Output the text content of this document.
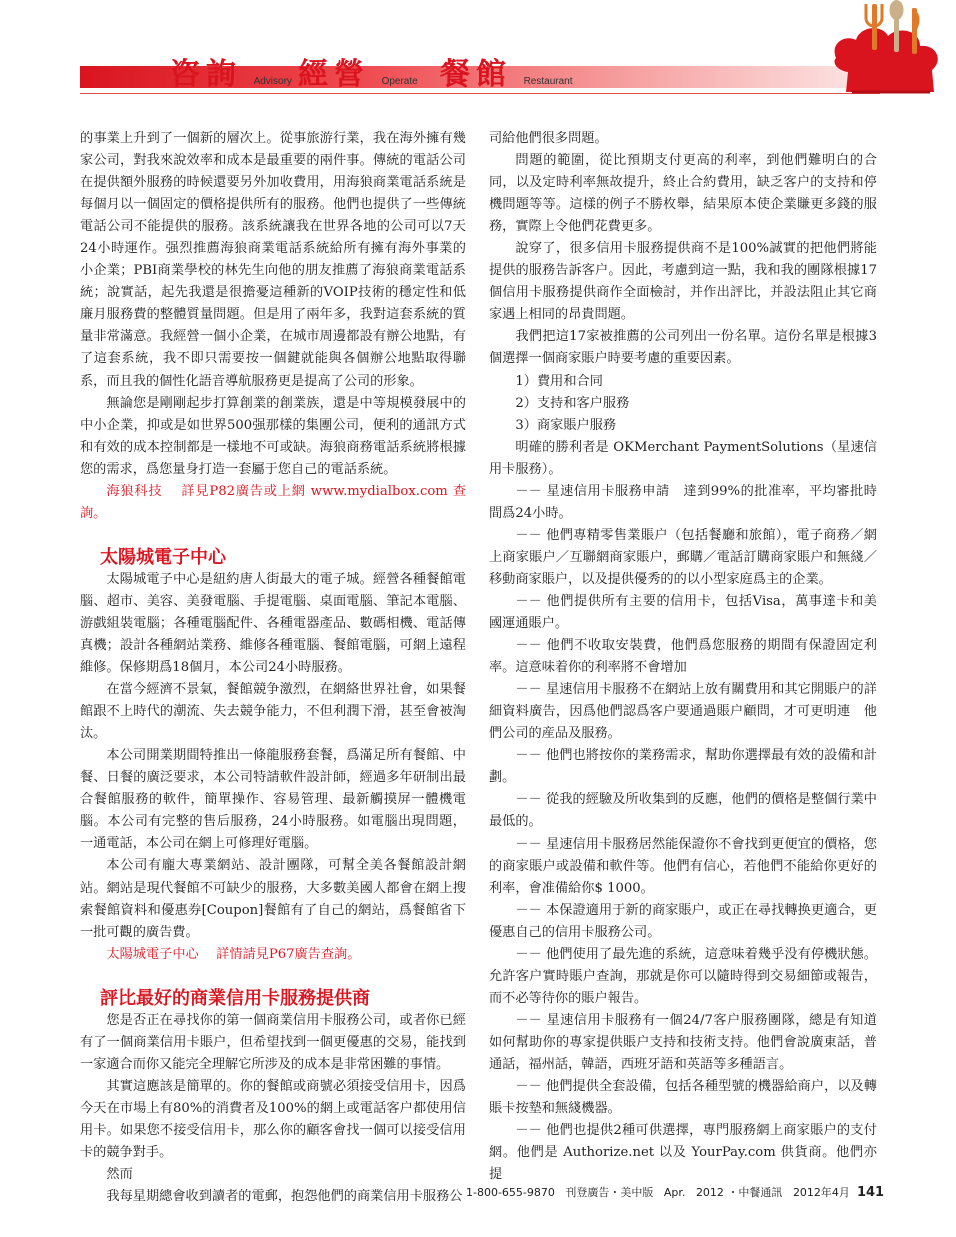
咨詢 Advisory 經營 Operate 餐館 Restaurant

的事業上升到了一個新的層次上。從事旅游行業，我在海外擁有幾家公司，對我來說效率和成本是最重要的兩件事。傳統的電話公司在提供額外服務的時候還要另外加收費用，用海狼商業電話系統是每個月以一個固定的價格提供所有的服務。他們也提供了一些傳統電話公司不能提供的服務。該系統讓我在世界各地的公司可以7天24小時運作。强烈推薦海狼商業電話系統給所有擁有海外事業的小企業；PBI商業學校的林先生向他的朋友推薦了海狼商業電話系統；說實話，起先我還是很擔憂這種新的VOIP技術的穩定性和低廉月服務費的整體質量問題。但是用了兩年多，我對這套系統的質量非常滿意。我經營一個小企業，在城市周邊都設有辦公地點，有了這套系統，我不即只需要按一個鍵就能與各個辦公地點取得聯系，而且我的個性化語音導航服務更是提高了公司的形象。

無論您是剛剛起步打算創業的創業族，還是中等規模發展中的中小企業，抑或是如世界500强那樣的集團公司，便利的通訊方式和有效的成本控制都是一樣地不可或缺。海狼商務電話系統將根據您的需求，爲您量身打造一套屬于您自己的電話系統。

海狼科技　 詳見P82廣告或上網 www.mydialbox.com 查詢。

太陽城電子中心

太陽城電子中心是紐約唐人街最大的電子城。經營各種餐館電腦、超市、美容、美發電腦、手提電腦、桌面電腦、筆記本電腦、游戲組裝電腦；各種電腦配件、各種電器產品、數碼相機、電話傳真機；設計各種網站業務、維修各種電腦、餐館電腦，可網上遠程維修。保修期爲18個月，本公司24小時服務。

在當今經濟不景氣，餐館競争激烈，在網絡世界社會，如果餐館跟不上時代的潮流、失去競争能力，不但利潤下滑，甚至會被淘汰。

本公司開業期間特推出一條龍服務套餐，爲滿足所有餐館、中餐、日餐的廣泛要求，本公司特請軟件設計師，經過多年研制出最合餐館服務的軟件，簡單操作、容易管理、最新觸摸屏一體機電腦。本公司有完整的售后服務，24小時服務。如電腦出現問題，一通電話，本公司在網上可修理好電腦。

本公司有龐大專業網站、設計團隊，可幫全美各餐館設計網站。網站是現代餐館不可缺少的服務，大多數美國人都會在網上搜索餐館資料和優惠券[Coupon]餐館有了自己的網站，爲餐館省下一批可觀的廣告費。

太陽城電子中心　 詳情請見P67廣告查詢。

評比最好的商業信用卡服務提供商

您是否正在尋找你的第一個商業信用卡服務公司，或者你已經有了一個商業信用卡賬户，但希望找到一個更優惠的交易，能找到一家適合而你又能完全理解它所涉及的成本是非常困難的事情。

其實這應該是簡單的。你的餐館或商號必須接受信用卡，因爲今天在市場上有80%的消費者及100%的網上或電話客户都使用信用卡。如果您不接受信用卡，那么你的顧客會找一個可以接受信用卡的競争對手。

然而

我每星期總會收到讀者的電郵，抱怨他們的商業信用卡服務公

司給他們很多問題。

問題的範圍，從比預期支付更高的利率，到他們難明白的合同，以及定時利率無故提升，終止合約費用，缺乏客户的支持和停機問題等等。這樣的例子不勝枚舉，結果原本使企業賺更多錢的服務，實際上令他們花費更多。

說穿了，很多信用卡服務提供商不是100%誠實的把他們將能提供的服務告訴客户。因此，考慮到這一點，我和我的團隊根據17個信用卡服務提供商作全面檢討，并作出評比，并設法阻止其它商家遇上相同的昂貴問題。

我們把這17家被推薦的公司列出一份名單。這份名單是根據3個選擇一個商家賬户時要考慮的重要因素。

1）費用和合同

2）支持和客户服務

3）商家賬户服務

明確的勝利者是 OKMerchant PaymentSolutions（星速信用卡服務）。

－－ 星速信用卡服務申請　達到99%的批准率，平均審批時間爲24小時。

－－ 他們專精零售業賬户（包括餐廳和旅館），電子商務／網上商家賬户／互聯網商家賬户，郵購／電話訂購商家賬户和無綫／移動商家賬户，以及提供優秀的的以小型家庭爲主的企業。

－－ 他們提供所有主要的信用卡，包括Visa，萬事達卡和美國運通賬户。

－－ 他們不收取安裝費，他們爲您服務的期間有保證固定利率。這意味着你的利率將不會增加

－－ 星速信用卡服務不在網站上放有關費用和其它開賬户的詳細資料廣告，因爲他們認爲客户要通過賬户顧問，才可更明連　他們公司的産品及服務。

－－ 他們也將按你的業務需求，幫助你選擇最有效的設備和計劃。

－－ 從我的經驗及所收集到的反應，他們的價格是整個行業中最低的。

－－ 星速信用卡服務居然能保證你不會找到更便宜的價格，您的商家賬户或設備和軟件等。他們有信心，若他們不能給你更好的利率，會准備給你$ 1000。

－－ 本保證適用于新的商家賬户，或正在尋找轉换更適合，更優惠自己的信用卡服務公司。

－－ 他們使用了最先進的系統，這意味着幾乎没有停機狀態。允許客户實時賬户查詢，那就是你可以隨時得到交易細節或報告，而不必等待你的賬户報告。

－－ 星速信用卡服務有一個24/7客户服務團隊，總是有知道如何幫助你的專家提供賬户支持和技術支持。他們會說廣東話，普通話，福州話，韓語，西班牙語和英語等多種語言。

－－ 他們提供全套設備，包括各種型號的機器給商户，以及轉賬卡按墊和無綫機器。

－－ 他們也提供2種可供選擇，專門服務網上商家賬户的支付網。他們是 Authorize.net 以及 YourPay.com 供貨商。他們亦提

1-800-655-9870 刊登廣告・美中版 Apr. 2012 ・中餐通訊 2012年4月 141
